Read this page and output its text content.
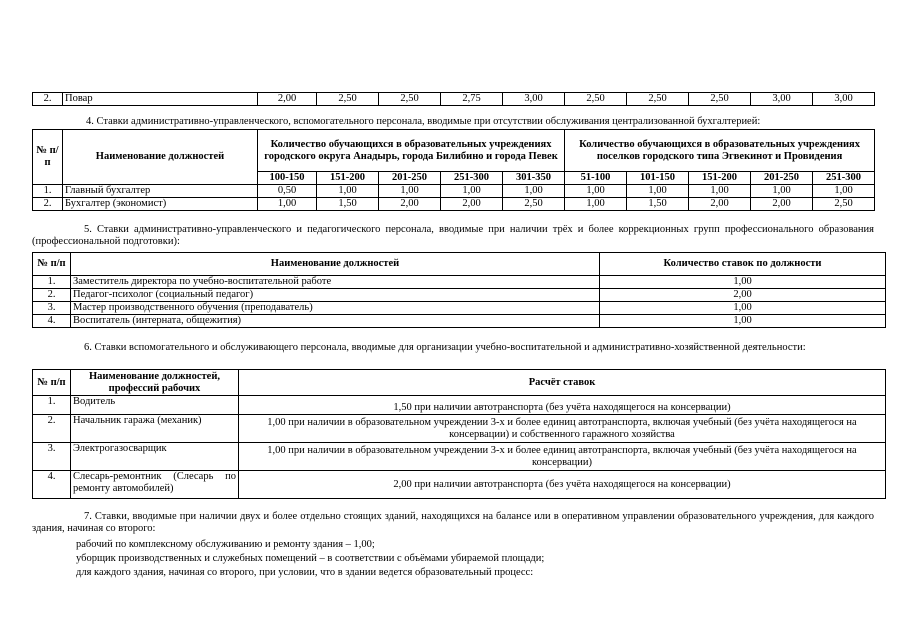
2.	Повар	2,00	2,50	2,50	2,75	3,00	2,50	2,50	2,50	3,00	3,00
4. Ставки административно-управленческого, вспомогательного персонала, вводимые при отсутствии обслуживания централизованной бухгалтерией:
№ п/п	Наименование должностей	Количество обучающихся в образовательных учреждениях городского округа Анадырь, города Билибино и города Певек					Количество обучающихся в образовательных учреждениях поселков городского типа Эгвекинот и Провидения				
		100-150	151-200	201-250	251-300	301-350	51-100	101-150	151-200	201-250	251-300
1.	Главный бухгалтер	0,50	1,00	1,00	1,00	1,00	1,00	1,00	1,00	1,00	1,00
2.	Бухгалтер (экономист)	1,00	1,50	2,00	2,00	2,50	1,00	1,50	2,00	2,00	2,50
5. Ставки административно-управленческого и педагогического персонала, вводимые при наличии трёх и более коррекционных групп профессионального образования (профессиональной подготовки):
№ п/п	Наименование должностей	Количество ставок по должности
1.	Заместитель директора по учебно-воспитательной работе	1,00
2.	Педагог-психолог (социальный педагог)	2,00
3.	Мастер производственного обучения (преподаватель)	1,00
4.	Воспитатель (интерната, общежития)	1,00
6. Ставки вспомогательного и обслуживающего персонала, вводимые для организации учебно-воспитательной и административно-хозяйственной деятельности:
№ п/п	Наименование должностей, профессий рабочих	Расчёт ставок
1.	Водитель	1,50 при наличии автотранспорта (без учёта находящегося на консервации)
2.	Начальник гаража (механик)	1,00 при наличии в образовательном учреждении 3-х и более единиц автотранспорта, включая учебный (без учёта находящегося на консервации) и собственного гаражного хозяйства
3.	Электрогазосварщик	1,00 при наличии в образовательном учреждении 3-х и более единиц автотранспорта, включая учебный (без учёта находящегося на консервации)
4.	Слесарь-ремонтник (Слесарь по ремонту автомобилей)	2,00 при наличии автотранспорта (без учёта находящегося на консервации)
7. Ставки, вводимые при наличии двух и более отдельно стоящих зданий, находящихся на балансе или в оперативном управлении образовательного учреждения, для каждого здания, начиная со второго:
рабочий по комплексному обслуживанию и ремонту здания – 1,00;
уборщик производственных и служебных помещений – в соответствии с объёмами убираемой площади;
для каждого здания, начиная со второго, при условии, что в здании ведется образовательный процесс:
